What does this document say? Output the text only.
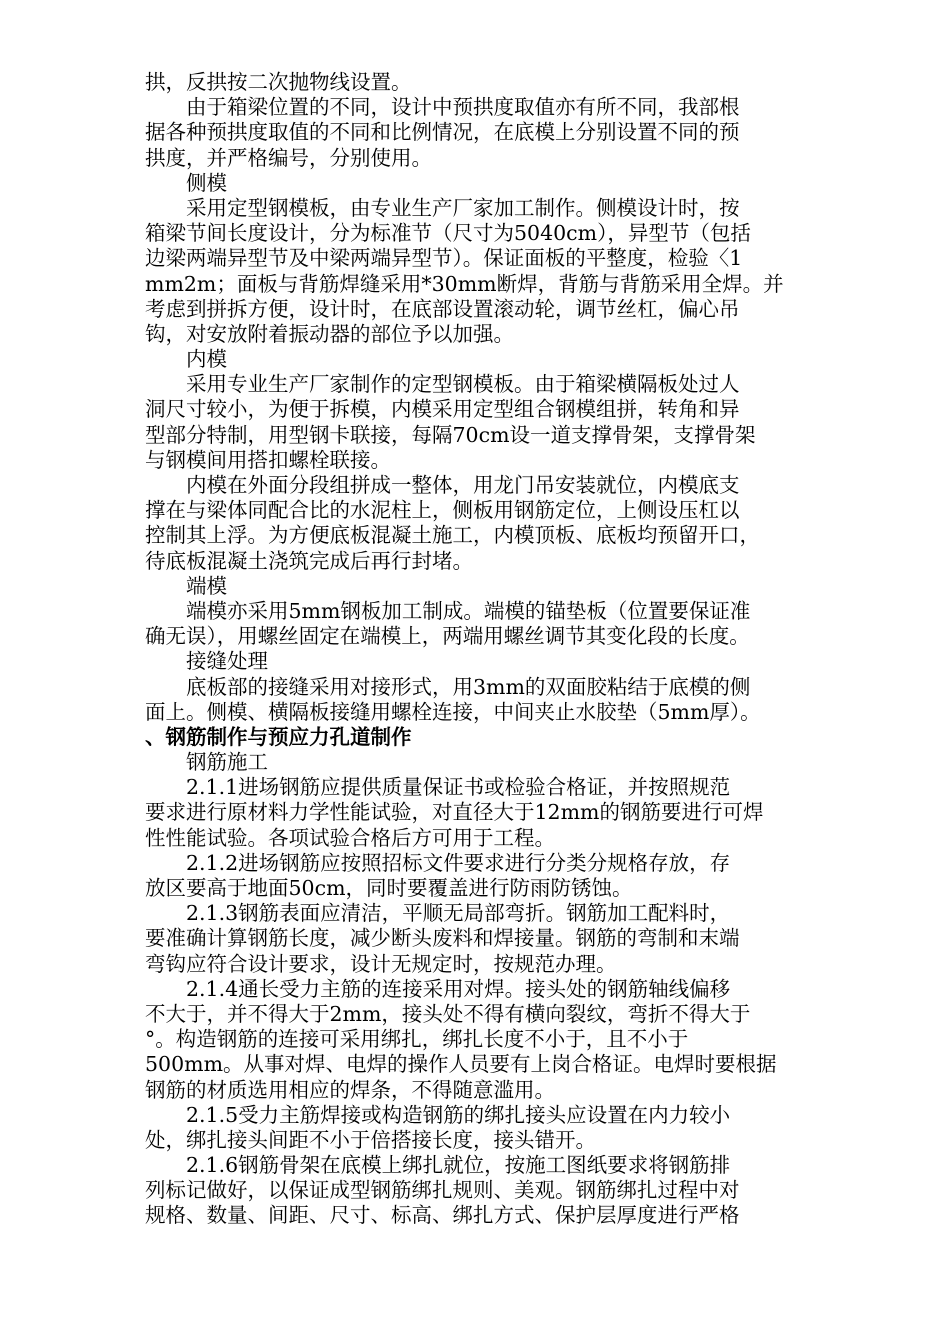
拱，反拱按二次抛物线设置。
由于箱梁位置的不同，设计中预拱度取值亦有所不同，我部根
据各种预拱度取值的不同和比例情况，在底模上分别设置不同的预
拱度，并严格编号，分别使用。
侧模
采用定型钢模板，由专业生产厂家加工制作。侧模设计时，按
箱梁节间长度设计，分为标准节（尺寸为5040cm），异型节（包括
边梁两端异型节及中梁两端异型节）。保证面板的平整度，检验〈1
mm2m；面板与背筋焊缝采用*30mm断焊，背筋与背筋采用全焊。并
考虑到拼拆方便，设计时，在底部设置滚动轮，调节丝杠，偏心吊
钩，对安放附着振动器的部位予以加强。
内模
采用专业生产厂家制作的定型钢模板。由于箱梁横隔板处过人
洞尺寸较小，为便于拆模，内模采用定型组合钢模组拼，转角和异
型部分特制，用型钢卡联接，每隔70cm设一道支撑骨架，支撑骨架
与钢模间用搭扣螺栓联接。
内模在外面分段组拼成一整体，用龙门吊安装就位，内模底支
撑在与梁体同配合比的水泥柱上，侧板用钢筋定位，上侧设压杠以
控制其上浮。为方便底板混凝土施工，内模顶板、底板均预留开口，
待底板混凝土浇筑完成后再行封堵。
端模
端模亦采用5mm钢板加工制成。端模的锚垫板（位置要保证准
确无误），用螺丝固定在端模上，两端用螺丝调节其变化段的长度。
接缝处理
底板部的接缝采用对接形式，用3mm的双面胶粘结于底模的侧
面上。侧模、横隔板接缝用螺栓连接，中间夹止水胶垫（5mm厚）。
、钢筋制作与预应力孔道制作
钢筋施工
2.1.1进场钢筋应提供质量保证书或检验合格证，并按照规范
要求进行原材料力学性能试验，对直径大于12mm的钢筋要进行可焊
性性能试验。各项试验合格后方可用于工程。
2.1.2进场钢筋应按照招标文件要求进行分类分规格存放，存
放区要高于地面50cm，同时要覆盖进行防雨防锈蚀。
2.1.3钢筋表面应清洁，平顺无局部弯折。钢筋加工配料时，
要准确计算钢筋长度，减少断头废料和焊接量。钢筋的弯制和末端
弯钩应符合设计要求，设计无规定时，按规范办理。
2.1.4通长受力主筋的连接采用对焊。接头处的钢筋轴线偏移
不大于，并不得大于2mm，接头处不得有横向裂纹，弯折不得大于
°。构造钢筋的连接可采用绑扎，绑扎长度不小于，且不小于
500mm。从事对焊、电焊的操作人员要有上岗合格证。电焊时要根据
钢筋的材质选用相应的焊条，不得随意滥用。
2.1.5受力主筋焊接或构造钢筋的绑扎接头应设置在内力较小
处，绑扎接头间距不小于倍搭接长度，接头错开。
2.1.6钢筋骨架在底模上绑扎就位，按施工图纸要求将钢筋排
列标记做好，以保证成型钢筋绑扎规则、美观。钢筋绑扎过程中对
规格、数量、间距、尺寸、标高、绑扎方式、保护层厚度进行严格
